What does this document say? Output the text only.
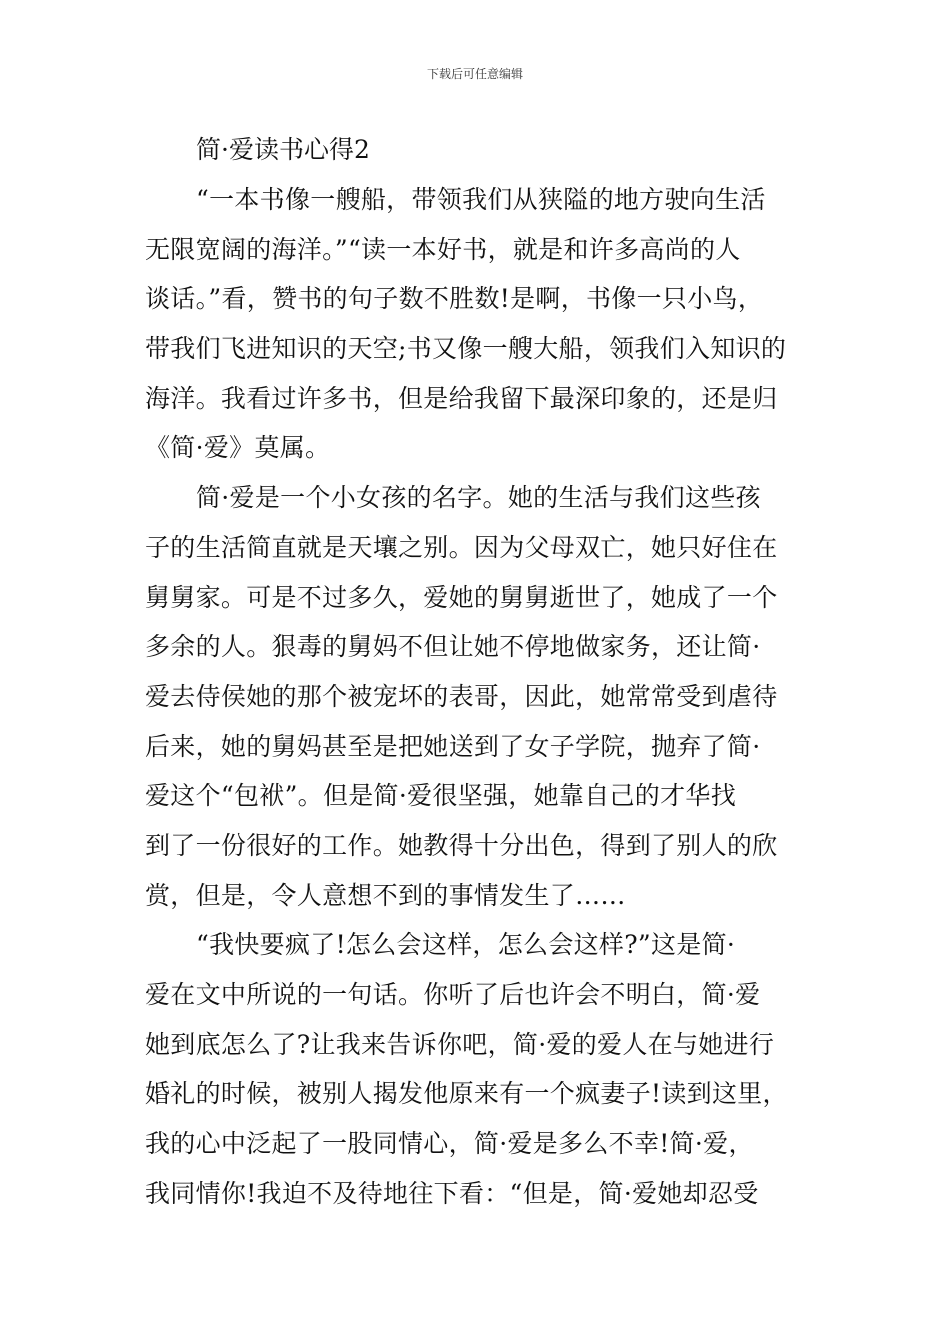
下载后可任意编辑
简·爱读书心得2
“一本书像一艘船，带领我们从狭隘的地方驶向生活
无限宽阔的海洋。”“读一本好书，就是和许多高尚的人
谈话。”看，赞书的句子数不胜数!是啊，书像一只小鸟，
带我们飞进知识的天空;书又像一艘大船，领我们入知识的
海洋。我看过许多书，但是给我留下最深印象的，还是归
《简·爱》莫属。
简·爱是一个小女孩的名字。她的生活与我们这些孩
子的生活简直就是天壤之别。因为父母双亡，她只好住在
舅舅家。可是不过多久，爱她的舅舅逝世了，她成了一个
多余的人。狠毒的舅妈不但让她不停地做家务，还让简·
爱去侍侯她的那个被宠坏的表哥，因此，她常常受到虐待
后来，她的舅妈甚至是把她送到了女子学院，抛弃了简·
爱这个“包袱”。但是简·爱很坚强，她靠自己的才华找
到了一份很好的工作。她教得十分出色，得到了别人的欣
赏，但是，令人意想不到的事情发生了……
“我快要疯了!怎么会这样，怎么会这样?”这是简·
爱在文中所说的一句话。你听了后也许会不明白，简·爱
她到底怎么了?让我来告诉你吧，简·爱的爱人在与她进行
婚礼的时候，被别人揭发他原来有一个疯妻子!读到这里，
我的心中泛起了一股同情心，简·爱是多么不幸!简·爱，
我同情你!我迫不及待地往下看：“但是，简·爱她却忍受
